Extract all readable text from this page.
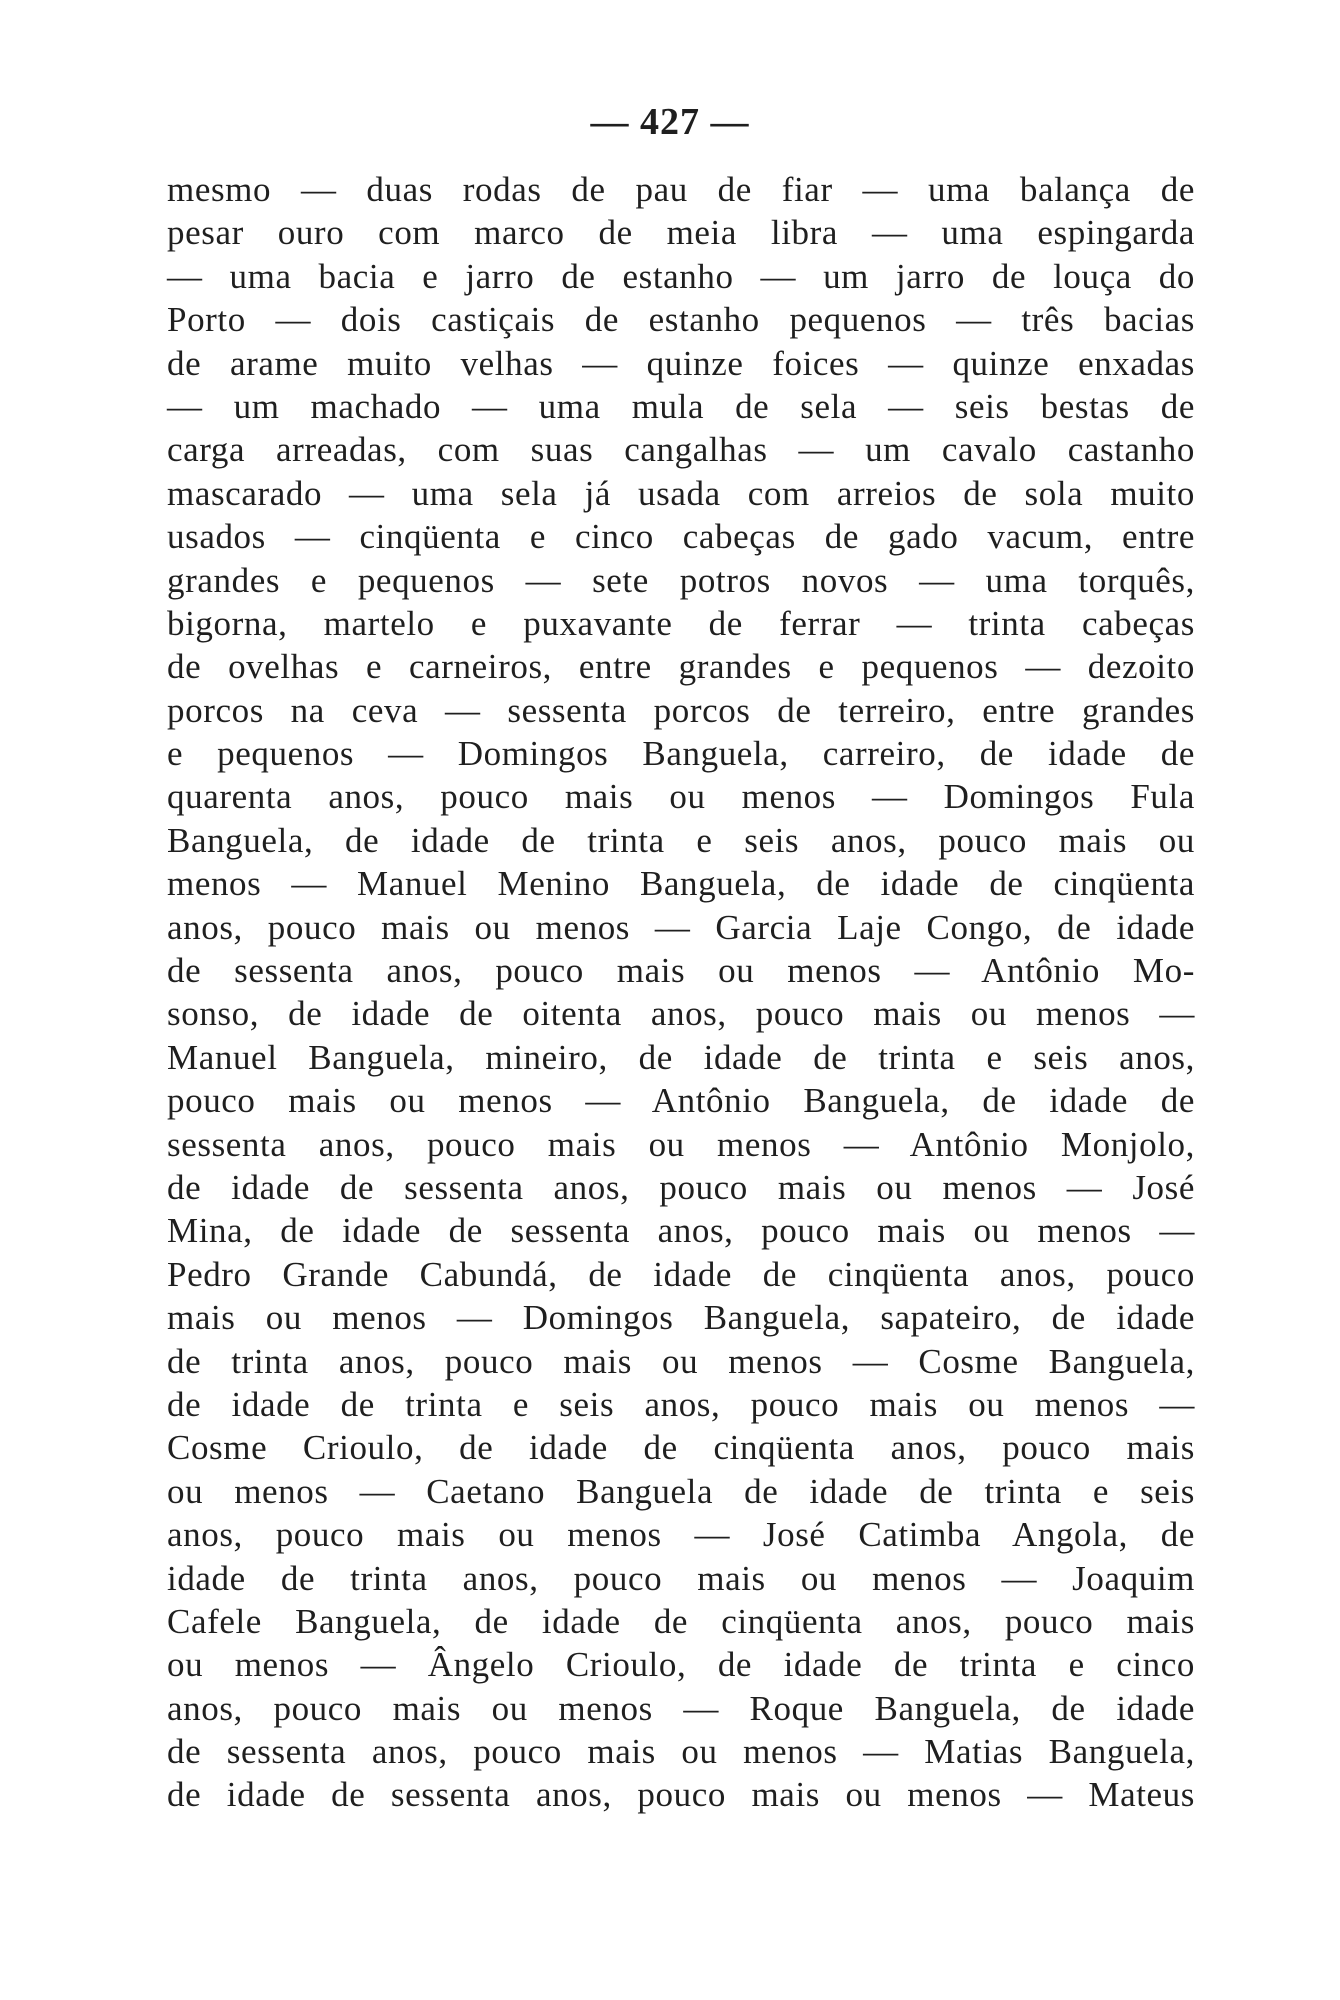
— 427 —
mesmo — duas rodas de pau de fiar — uma balança de
pesar ouro com marco de meia libra — uma espingarda
— uma bacia e jarro de estanho — um jarro de louça do
Porto — dois castiçais de estanho pequenos — três bacias
de arame muito velhas — quinze foices — quinze enxadas
— um machado — uma mula de sela — seis bestas de
carga arreadas, com suas cangalhas — um cavalo castanho
mascarado — uma sela já usada com arreios de sola muito
usados — cinqüenta e cinco cabeças de gado vacum, entre
grandes e pequenos — sete potros novos — uma torquês,
bigorna, martelo e puxavante de ferrar — trinta cabeças
de ovelhas e carneiros, entre grandes e pequenos — dezoito
porcos na ceva — sessenta porcos de terreiro, entre grandes
e pequenos — Domingos Banguela, carreiro, de idade de
quarenta anos, pouco mais ou menos — Domingos Fula
Banguela, de idade de trinta e seis anos, pouco mais ou
menos — Manuel Menino Banguela, de idade de cinqüenta
anos, pouco mais ou menos — Garcia Laje Congo, de idade
de sessenta anos, pouco mais ou menos — Antônio Mo-
sonso, de idade de oitenta anos, pouco mais ou menos —
Manuel Banguela, mineiro, de idade de trinta e seis anos,
pouco mais ou menos — Antônio Banguela, de idade de
sessenta anos, pouco mais ou menos — Antônio Monjolo,
de idade de sessenta anos, pouco mais ou menos — José
Mina, de idade de sessenta anos, pouco mais ou menos —
Pedro Grande Cabundá, de idade de cinqüenta anos, pouco
mais ou menos — Domingos Banguela, sapateiro, de idade
de trinta anos, pouco mais ou menos — Cosme Banguela,
de idade de trinta e seis anos, pouco mais ou menos —
Cosme Crioulo, de idade de cinqüenta anos, pouco mais
ou menos — Caetano Banguela de idade de trinta e seis
anos, pouco mais ou menos — José Catimba Angola, de
idade de trinta anos, pouco mais ou menos — Joaquim
Cafele Banguela, de idade de cinqüenta anos, pouco mais
ou menos — Ângelo Crioulo, de idade de trinta e cinco
anos, pouco mais ou menos — Roque Banguela, de idade
de sessenta anos, pouco mais ou menos — Matias Banguela,
de idade de sessenta anos, pouco mais ou menos — Mateus
